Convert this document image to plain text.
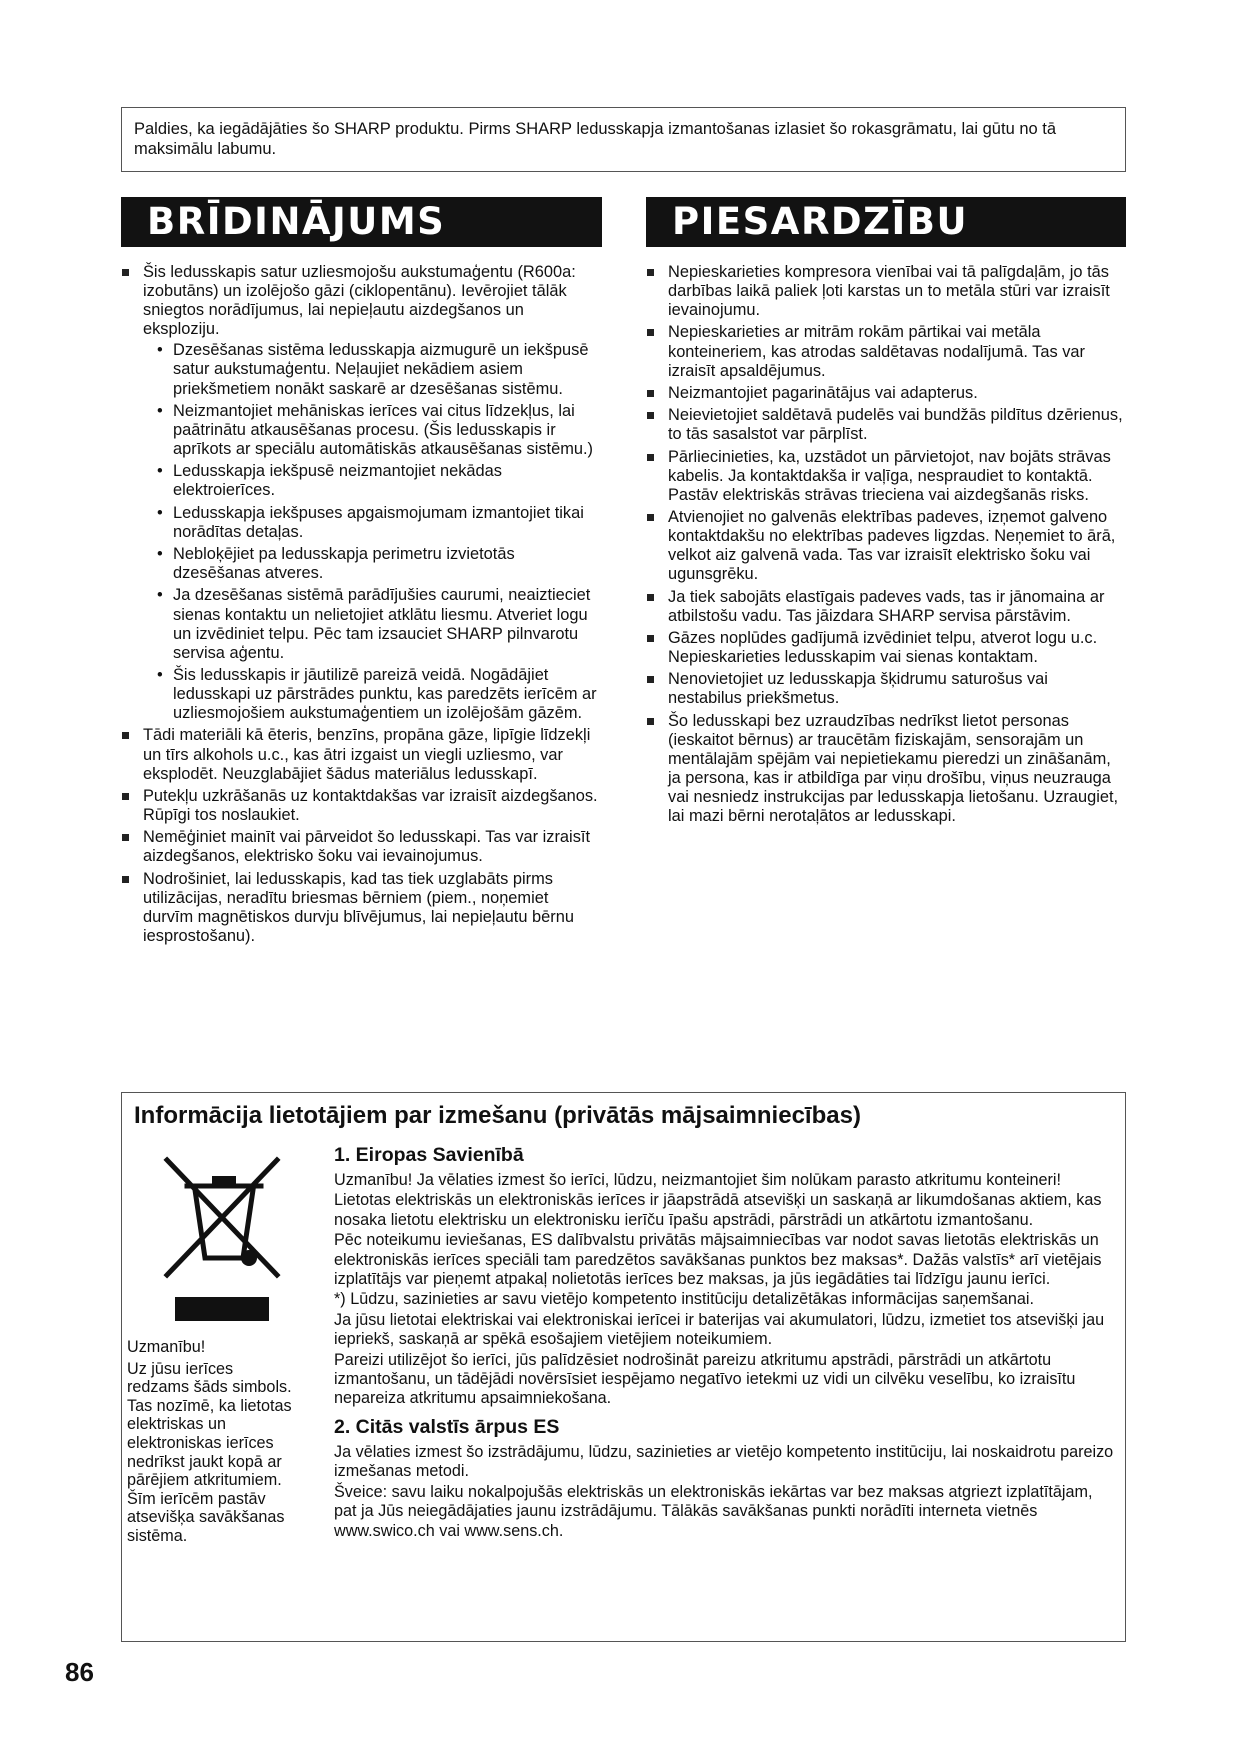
Paldies, ka iegādājāties šo SHARP produktu. Pirms SHARP ledusskapja izmantošanas izlasiet šo rokasgrāmatu, lai gūtu no tā maksimālu labumu.
BRĪDINĀJUMS	PIESARDZĪBU
Šis ledusskapis satur uzliesmojošu aukstumaģentu (R600a: izobutāns) un izolējošo gāzi (ciklopentānu). Ievērojiet tālāk sniegtos norādījumus, lai nepieļautu aizdegšanos un eksploziju.
• Dzesēšanas sistēma ledusskapja aizmugurē un iekšpusē satur aukstumaģentu. Neļaujiet nekādiem asiem priekšmetiem nonākt saskarē ar dzesēšanas sistēmu.
• Neizmantojiet mehāniskas ierīces vai citus līdzekļus, lai paātrinātu atkausēšanas procesu. (Šis ledusskapis ir aprīkots ar speciālu automātiskās atkausēšanas sistēmu.)
• Ledusskapja iekšpusē neizmantojiet nekādas elektroierīces.
• Ledusskapja iekšpuses apgaismojumam izmantojiet tikai norādītas detaļas.
• Nebloķējiet pa ledusskapja perimetru izvietotās dzesēšanas atveres.
• Ja dzesēšanas sistēmā parādījušies caurumi, neaiztieciet sienas kontaktu un nelietojiet atklātu liesmu. Atveriet logu un izvēdiniet telpu. Pēc tam izsauciet SHARP pilnvarotu servisa aģentu.
• Šis ledusskapis ir jāutilizē pareizā veidā. Nogādājiet ledusskapi uz pārstrādes punktu, kas paredzēts ierīcēm ar uzliesmojošiem aukstumaģentiem un izolējošām gāzēm.
Tādi materiāli kā ēteris, benzīns, propāna gāze, lipīgie līdzekļi un tīrs alkohols u.c., kas ātri izgaist un viegli uzliesmo, var eksplodēt. Neuzglabājiet šādus materiālus ledusskapī.
Putekļu uzkrāšanās uz kontaktdakšas var izraisīt aizdegšanos. Rūpīgi tos noslaukiet.
Nemēģiniet mainīt vai pārveidot šo ledusskapi. Tas var izraisīt aizdegšanos, elektrisko šoku vai ievainojumus.
Nodrošiniet, lai ledusskapis, kad tas tiek uzglabāts pirms utilizācijas, neradītu briesmas bērniem (piem., noņemiet durvīm magnētiskos durvju blīvējumus, lai nepieļautu bērnu iesprostošanu).
Nepieskarieties kompresora vienībai vai tā palīgdaļām, jo tās darbības laikā paliek ļoti karstas un to metāla stūri var izraisīt ievainojumu.
Nepieskarieties ar mitrām rokām pārtikai vai metāla konteineriem, kas atrodas saldētavas nodalījumā. Tas var izraisīt apsaldējumus.
Neizmantojiet pagarinātājus vai adapterus.
Neievietojiet saldētavā pudelēs vai bundžās pildītus dzērienus, to tās sasalstot var pārplīst.
Pārliecinieties, ka, uzstādot un pārvietojot, nav bojāts strāvas kabelis. Ja kontaktdakša ir vaļīga, nespraudiet to kontaktā. Pastāv elektriskās strāvas trieciena vai aizdegšanās risks.
Atvienojiet no galvenās elektrības padeves, izņemot galveno kontaktdakšu no elektrības padeves ligzdas. Neņemiet to ārā, velkot aiz galvenā vada. Tas var izraisīt elektrisko šoku vai ugunsgrēku.
Ja tiek sabojāts elastīgais padeves vads, tas ir jānomaina ar atbilstošu vadu. Tas jāizdara SHARP servisa pārstāvim.
Gāzes noplūdes gadījumā izvēdiniet telpu, atverot logu u.c. Nepieskarieties ledusskapim vai sienas kontaktam.
Nenovietojiet uz ledusskapja šķidrumu saturošus vai nestabilus priekšmetus.
Šo ledusskapi bez uzraudzības nedrīkst lietot personas (ieskaitot bērnus) ar traucētām fiziskajām, sensorajām un mentālajām spējām vai nepietiekamu pieredzi un zināšanām, ja persona, kas ir atbildīga par viņu drošību, viņus neuzrauga vai nesniedz instrukcijas par ledusskapja lietošanu. Uzraugiet, lai mazi bērni nerotaļātos ar ledusskapi.
Informācija lietotājiem par izmešanu (privātās mājsaimniecības)

Uzmanību!

Uz jūsu ierīces redzams šāds simbols. Tas nozīmē, ka lietotas elektriskas un elektroniskas ierīces nedrīkst jaukt kopā ar pārējiem atkritumiem. Šīm ierīcēm pastāv atsevišķa savākšanas sistēma.

1. Eiropas Savienībā

Uzmanību! Ja vēlaties izmest šo ierīci, lūdzu, neizmantojiet šim nolūkam parasto atkritumu konteineri!

Lietotas elektriskās un elektroniskās ierīces ir jāapstrādā atsevišķi un saskaņā ar likumdošanas aktiem, kas nosaka lietotu elektrisku un elektronisku ierīču īpašu apstrādi, pārstrādi un atkārtotu izmantošanu.

Pēc noteikumu ieviešanas, ES dalībvalstu privātās mājsaimniecības var nodot savas lietotās elektriskās un elektroniskās ierīces speciāli tam paredzētos savākšanas punktos bez maksas*. Dažās valstīs* arī vietējais izplatītājs var pieņemt atpakaļ nolietotās ierīces bez maksas, ja jūs iegādāties tai līdzīgu jaunu ierīci.

*) Lūdzu, sazinieties ar savu vietējo kompetento institūciju detalizētākas informācijas saņemšanai.

Ja jūsu lietotai elektriskai vai elektroniskai ierīcei ir baterijas vai akumulatori, lūdzu, izmetiet tos atsevišķi jau iepriekš, saskaņā ar spēkā esošajiem vietējiem noteikumiem.

Pareizi utilizējot šo ierīci, jūs palīdzēsiet nodrošināt pareizu atkritumu apstrādi, pārstrādi un atkārtotu izmantošanu, un tādējādi novērsīsiet iespējamo negatīvo ietekmi uz vidi un cilvēku veselību, ko izraisītu nepareiza atkritumu apsaimniekošana.

2. Citās valstīs ārpus ES

Ja vēlaties izmest šo izstrādājumu, lūdzu, sazinieties ar vietējo kompetento institūciju, lai noskaidrotu pareizo izmešanas metodi.

Šveice: savu laiku nokalpojušās elektriskās un elektroniskās iekārtas var bez maksas atgriezt izplatītājam, pat ja Jūs neiegādājaties jaunu izstrādājumu. Tālākās savākšanas punkti norādīti interneta vietnēs www.swico.ch vai www.sens.ch.

86
